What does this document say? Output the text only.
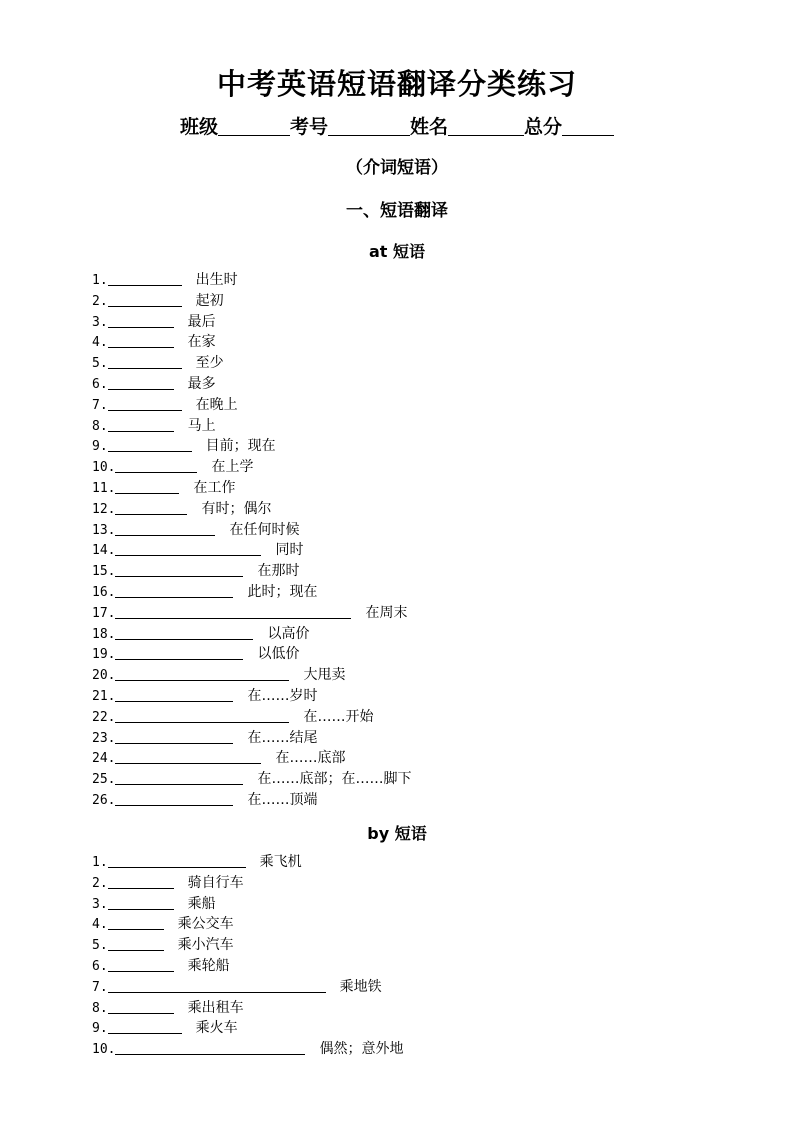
中考英语短语翻译分类练习
班级	考号	姓名	总分
（介词短语）
一、短语翻译
at 短语
1.	出生时
2.	起初
3.	最后
4.	在家
5.	至少
6.	最多
7.	在晚上
8.	马上
9.	目前；现在
10.	在上学
11.	在工作
12.	有时；偶尔
13.	在任何时候
14.	同时
15.	在那时
16.	此时；现在
17.	在周末
18.	以高价
19.	以低价
20.	大甩卖
21.	在……岁时
22.	在……开始
23.	在……结尾
24.	在……底部
25.	在……底部；在……脚下
26.	在……顶端
by 短语
1.	乘飞机
2.	骑自行车
3.	乘船
4.	乘公交车
5.	乘小汽车
6.	乘轮船
7.	乘地铁
8.	乘出租车
9.	乘火车
10.	偶然；意外地
